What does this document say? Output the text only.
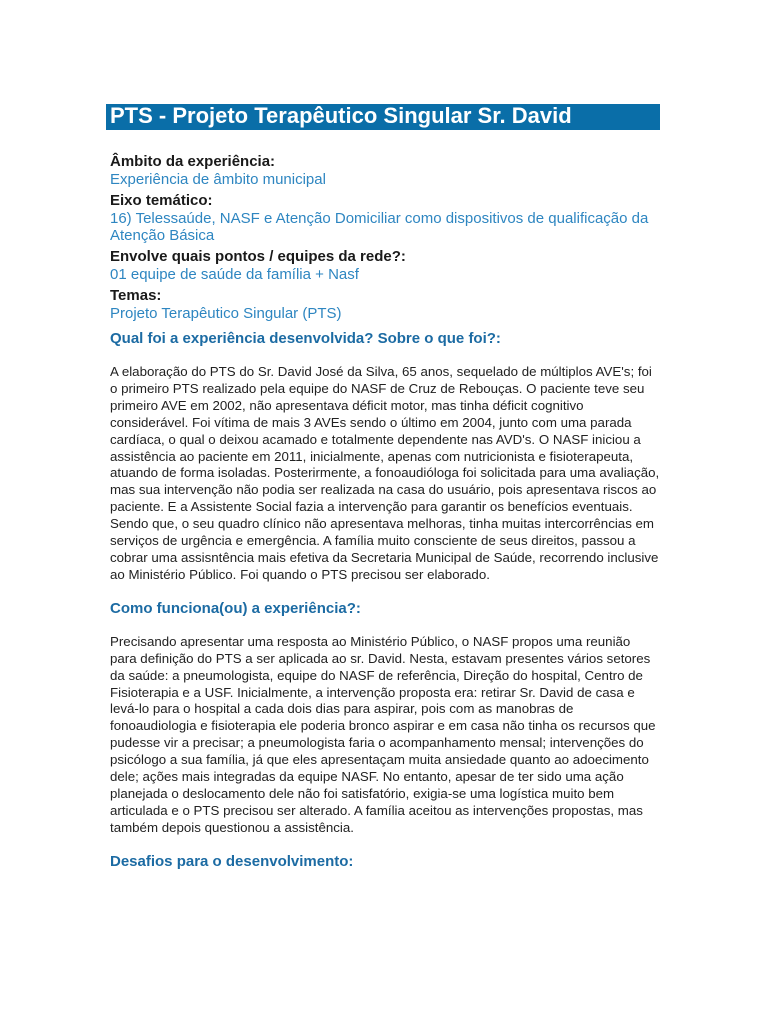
PTS - Projeto Terapêutico Singular Sr. David
Âmbito da experiência:
Experiência de âmbito municipal
Eixo temático:
16) Telessaúde, NASF e Atenção Domiciliar como dispositivos de qualificação da Atenção Básica
Envolve quais pontos / equipes da rede?:
01 equipe de saúde da família + Nasf
Temas:
Projeto Terapêutico Singular (PTS)
Qual foi a experiência desenvolvida? Sobre o que foi?:
A elaboração do PTS do Sr. David José da Silva, 65 anos, sequelado de múltiplos AVE's; foi o primeiro PTS realizado pela equipe do NASF de Cruz de Rebouças. O paciente teve seu primeiro AVE em 2002, não apresentava déficit motor, mas tinha déficit cognitivo considerável. Foi vítima de mais 3 AVEs sendo o último em 2004, junto com uma parada cardíaca, o qual o deixou acamado e totalmente dependente nas AVD's. O NASF iniciou a assistência ao paciente em 2011, inicialmente, apenas com nutricionista e fisioterapeuta, atuando de forma isoladas. Posterirmente, a fonoaudióloga foi solicitada para uma avaliação, mas sua intervenção não podia ser realizada na casa do usuário, pois apresentava riscos ao paciente. E a Assistente Social fazia a intervenção para garantir os benefícios eventuais. Sendo que, o seu quadro clínico não apresentava melhoras, tinha muitas intercorrências em serviços de urgência e emergência. A família muito consciente de seus direitos, passou a cobrar uma assisntência mais efetiva da Secretaria Municipal de Saúde, recorrendo inclusive ao Ministério Público. Foi quando o PTS precisou ser elaborado.
Como funciona(ou) a experiência?:
Precisando apresentar uma resposta ao Ministério Público, o NASF propos uma reunião para definição do PTS a ser aplicada ao sr. David. Nesta, estavam presentes vários setores da saúde: a pneumologista, equipe do NASF de referência, Direção do hospital, Centro de Fisioterapia e a USF. Inicialmente, a intervenção proposta era: retirar Sr. David de casa e levá-lo para o hospital a cada dois dias para aspirar, pois com as manobras de fonoaudiologia e fisioterapia ele poderia bronco aspirar e em casa não tinha os recursos que pudesse vir a precisar; a pneumologista faria o acompanhamento mensal; intervenções do psicólogo a sua família, já que eles apresentaçam muita ansiedade quanto ao adoecimento dele; ações mais integradas da equipe NASF. No entanto, apesar de ter sido uma ação planejada o deslocamento dele não foi satisfatório, exigia-se uma logística muito bem articulada e o PTS precisou ser alterado. A família aceitou as intervenções propostas, mas também depois questionou a assistência.
Desafios para o desenvolvimento:
